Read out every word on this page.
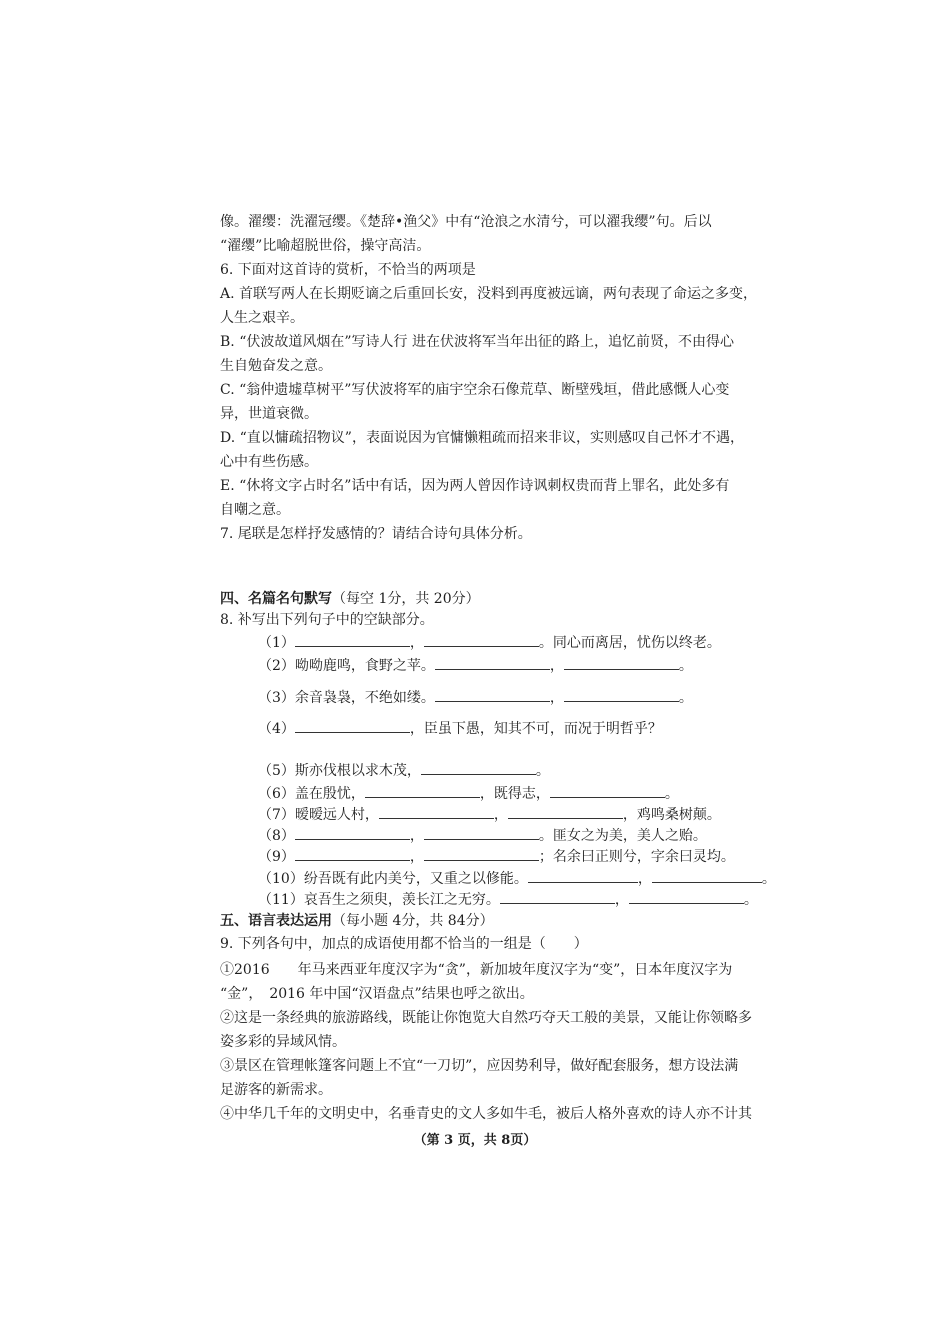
像。濯缨：洗濯冠缨。《楚辞•渔父》中有“沧浪之水清兮，可以濯我缨”句。后以
“濯缨”比喻超脱世俗，操守高洁。
6. 下面对这首诗的赏析，不恰当的两项是
A. 首联写两人在长期贬谪之后重回长安，没料到再度被远谪，两句表现了命运之多变，
人生之艰辛。
B. “伏波故道风烟在”写诗人行 进在伏波将军当年出征的路上，追忆前贤，不由得心
生自勉奋发之意。
C. “翁仲遗墟草树平”写伏波将军的庙宇空余石像荒草、断壁残垣，借此感慨人心变
异，世道衰微。
D. “直以慵疏招物议”，表面说因为官慵懒粗疏而招来非议，实则感叹自己怀才不遇，
心中有些伤感。
E. “休将文字占时名”话中有话，因为两人曾因作诗讽刺权贵而背上罪名，此处多有
自嘲之意。
7. 尾联是怎样抒发感情的？请结合诗句具体分析。
四、名篇名句默写（每空 1分，共 20分）
8. 补写出下列句子中的空缺部分。
（1）	，	。同心而离居，忧伤以终老。
（2）呦呦鹿鸣，食野之苹。	，	。
（3）余音袅袅，不绝如缕。	，	。
（4）	，臣虽下愚，知其不可，而况于明哲乎？
（5）斯亦伐根以求木茂，	。
（6）盖在殷忧，	，既得志，	。
（7）暧暧远人村，	，	，鸡鸣桑树颠。
（8）	，	。匪女之为美，美人之贻。
（9）	，	；名余曰正则兮，字余曰灵均。
（10）纷吾既有此内美兮，又重之以修能。	，	。
（11）哀吾生之须臾，羡长江之无穷。	，	。
五、语言表达运用（每小题 4分，共 84分）
9. 下列各句中，加点的成语使用都不恰当的一组是（　　）
①2016　　年马来西亚年度汉字为“贪”，新加坡年度汉字为“变”，日本年度汉字为
“金”，　2016 年中国“汉语盘点”结果也呼之欲出。
②这是一条经典的旅游路线，既能让你饱览大自然巧夺天工般的美景，又能让你领略多
姿多彩的异域风情。
③景区在管理帐篷客问题上不宜“一刀切”，应因势利导，做好配套服务，想方设法满
足游客的新需求。
④中华几千年的文明史中，名垂青史的文人多如牛毛，被后人格外喜欢的诗人亦不计其
（第 3 页，共 8页）
